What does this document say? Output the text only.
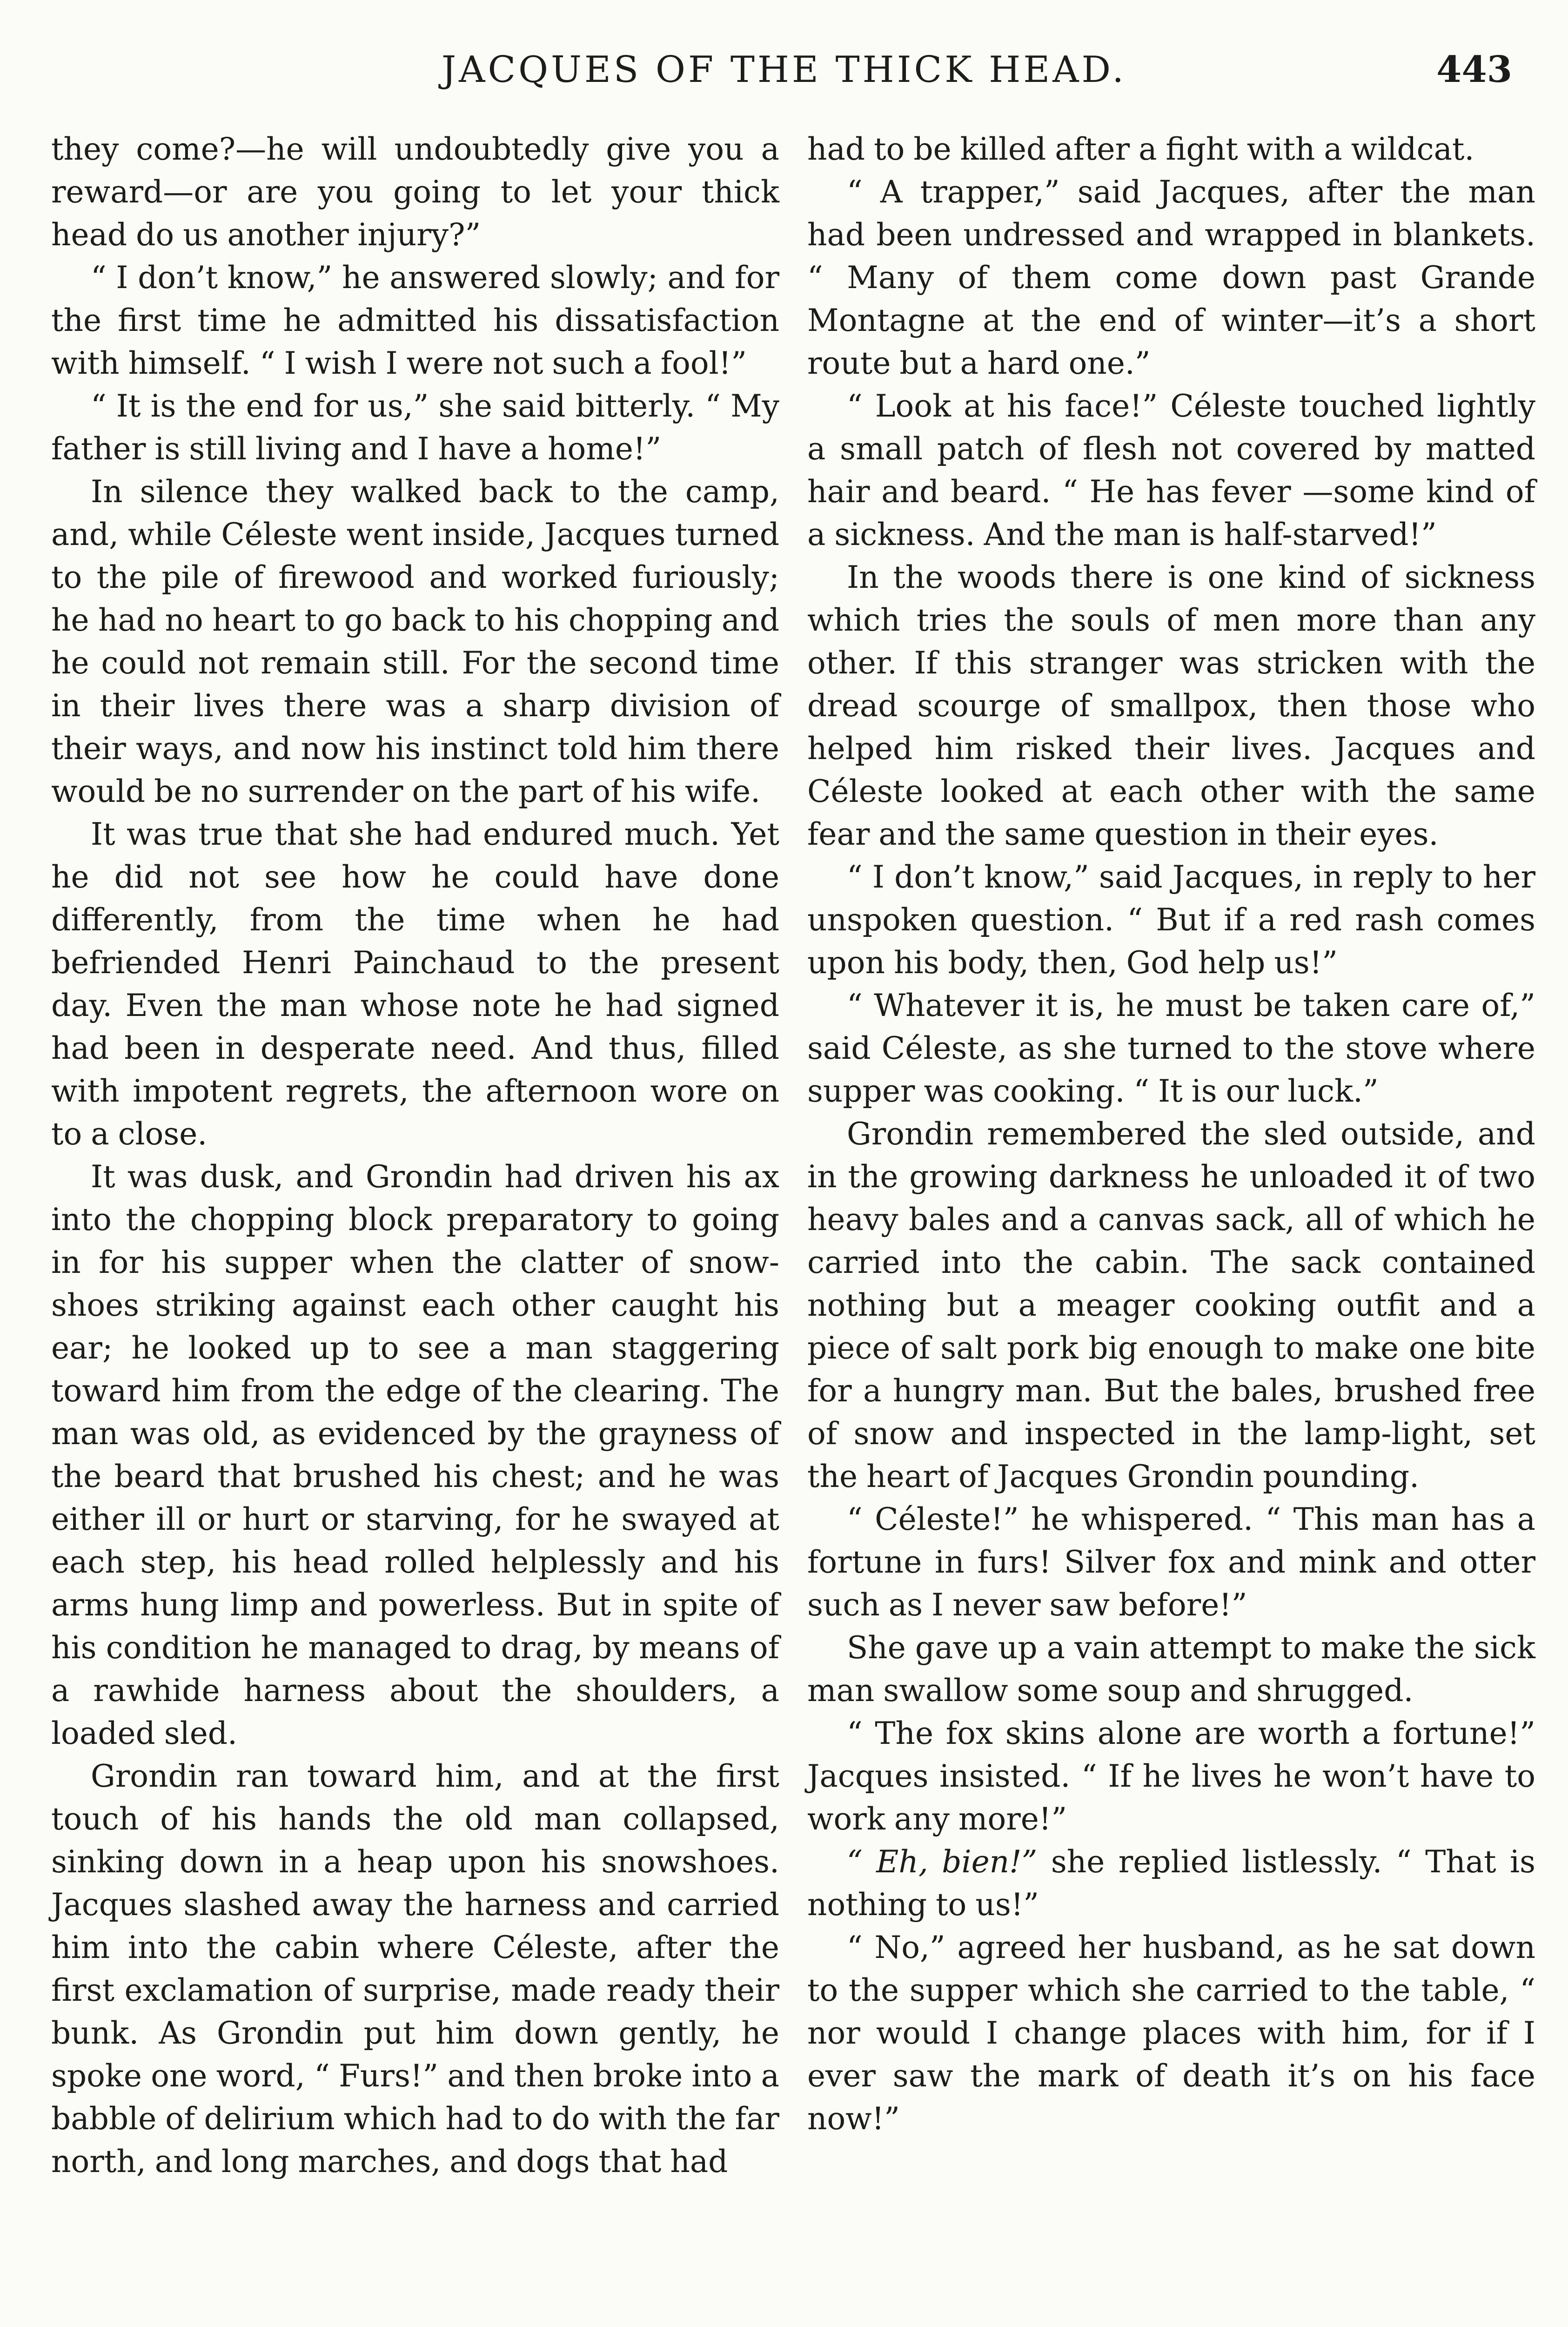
JACQUES OF THE THICK HEAD.	443

they come?—he will undoubtedly give you a reward—or are you going to let your thick head do us another injury?”

“ I don’t know,” he answered slowly; and for the first time he admitted his dissatisfaction with himself. “ I wish I were not such a fool!”

“ It is the end for us,” she said bitterly. “ My father is still living and I have a home!”

In silence they walked back to the camp, and, while Céleste went inside, Jacques turned to the pile of firewood and worked furiously; he had no heart to go back to his chopping and he could not remain still. For the second time in their lives there was a sharp division of their ways, and now his instinct told him there would be no surrender on the part of his wife.

It was true that she had endured much. Yet he did not see how he could have done differently, from the time when he had befriended Henri Painchaud to the present day. Even the man whose note he had signed had been in desperate need. And thus, filled with impotent regrets, the afternoon wore on to a close.

It was dusk, and Grondin had driven his ax into the chopping block preparatory to going in for his supper when the clatter of snow-shoes striking against each other caught his ear; he looked up to see a man staggering toward him from the edge of the clearing. The man was old, as evidenced by the grayness of the beard that brushed his chest; and he was either ill or hurt or starving, for he swayed at each step, his head rolled helplessly and his arms hung limp and powerless. But in spite of his condition he managed to drag, by means of a rawhide harness about the shoulders, a loaded sled.

Grondin ran toward him, and at the first touch of his hands the old man collapsed, sinking down in a heap upon his snowshoes. Jacques slashed away the harness and carried him into the cabin where Céleste, after the first exclamation of surprise, made ready their bunk. As Grondin put him down gently, he spoke one word, “ Furs!” and then broke into a babble of delirium which had to do with the far north, and long marches, and dogs that had

had to be killed after a fight with a wildcat.

“ A trapper,” said Jacques, after the man had been undressed and wrapped in blankets. “ Many of them come down past Grande Montagne at the end of winter—it’s a short route but a hard one.”

“ Look at his face!” Céleste touched lightly a small patch of flesh not covered by matted hair and beard. “ He has fever —some kind of a sickness. And the man is half-starved!”

In the woods there is one kind of sickness which tries the souls of men more than any other. If this stranger was stricken with the dread scourge of smallpox, then those who helped him risked their lives. Jacques and Céleste looked at each other with the same fear and the same question in their eyes.

“ I don’t know,” said Jacques, in reply to her unspoken question. “ But if a red rash comes upon his body, then, God help us!”

“ Whatever it is, he must be taken care of,” said Céleste, as she turned to the stove where supper was cooking. “ It is our luck.”

Grondin remembered the sled outside, and in the growing darkness he unloaded it of two heavy bales and a canvas sack, all of which he carried into the cabin. The sack contained nothing but a meager cooking outfit and a piece of salt pork big enough to make one bite for a hungry man. But the bales, brushed free of snow and inspected in the lamp-light, set the heart of Jacques Grondin pounding.

“ Céleste!” he whispered. “ This man has a fortune in furs! Silver fox and mink and otter such as I never saw before!”

She gave up a vain attempt to make the sick man swallow some soup and shrugged.

“ The fox skins alone are worth a fortune!” Jacques insisted. “ If he lives he won’t have to work any more!”

“ Eh, bien!” she replied listlessly. “ That is nothing to us!”

“ No,” agreed her husband, as he sat down to the supper which she carried to the table, “ nor would I change places with him, for if I ever saw the mark of death it’s on his face now!”
